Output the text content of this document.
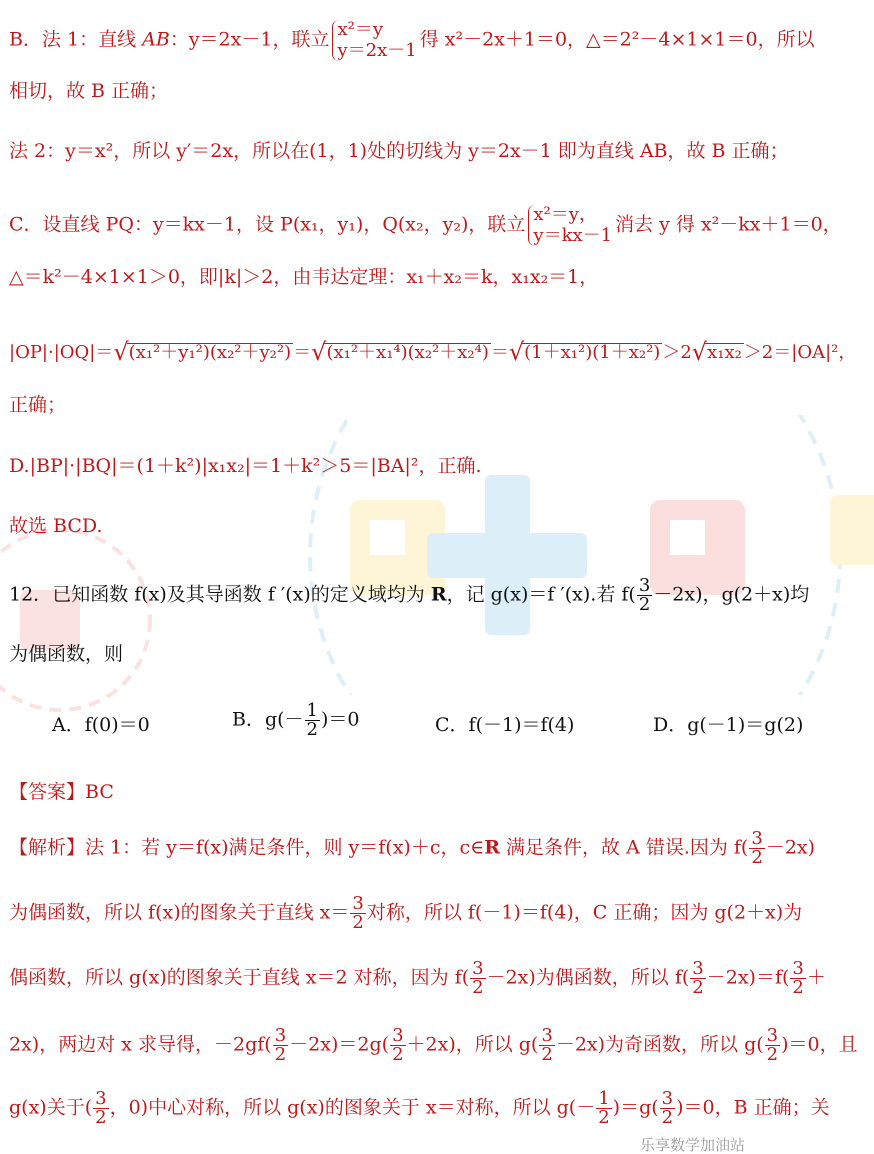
B．法 1：直线 AB：y＝2x－1，联立 x²＝y
y＝2x－1 得 x²－2x＋1＝0，△＝2²－4×1×1＝0，所以
相切，故 B 正确；
法 2：y＝x²，所以 y′＝2x，所以在(1，1)处的切线为 y＝2x－1 即为直线 AB，故 B 正确；
C．设直线 PQ：y＝kx－1，设 P(x₁，y₁)，Q(x₂，y₂)，联立 x²＝y，
y＝kx－1 消去 y 得 x²－kx＋1＝0，
△＝k²－4×1×1＞0，即|k|＞2，由韦达定理：x₁＋x₂＝k，x₁x₂＝1，
|OP|·|OQ|＝√(x₁²＋y₁²)(x₂²＋y₂²) ＝√(x₁²＋x₁⁴)(x₂²＋x₂⁴) ＝√(1＋x₁²)(1＋x₂²) ＞2√x₁x₂ ＞2＝|OA|²，
正确；
D.|BP|·|BQ|＝(1＋k²)|x₁x₂|＝1＋k²＞5＝|BA|²，正确.
故选 BCD.
12．已知函数 f(x)及其导函数 f ′(x)的定义域均为 R，记 g(x)＝f ′(x).若 $f( \frac{3}{2} -2x)$，g(2＋x)均
为偶函数，则
A．f(0)＝0	B．$g(- \frac{1}{2} )=0$	C．f(－1)＝f(4)	D．g(－1)＝g(2)
【答案】BC
【解析】法 1：若 y＝f(x)满足条件，则 y＝f(x)＋c，c∈R 满足条件，故 A 错误.因为 $f( \frac{3}{2} -2x)$
为偶函数，所以 f(x)的图象关于直线 $x= \frac{3}{2}$ 对称，所以 f(－1)＝f(4)，C 正确；因为 g(2＋x)为
偶函数，所以 g(x)的图象关于直线 x＝2 对称，因为 $f( \frac{3}{2} -2x)$为偶函数，所以 $f( \frac{3}{2} -2x)=f( \frac{3}{2}$ ＋
2x)，两边对 x 求导得，$-2gf( \frac{3}{2} -2x)=2g( \frac{3}{2} +2x)$，所以 $g( \frac{3}{2} -2x)$为奇函数，所以 $g( \frac{3}{2} )=0$，且
g(x)关于( $\frac{3}{2}$ ，0)中心对称，所以 g(x)的图象关于 x＝对称，所以 $g(- \frac{1}{2} )=g( \frac{3}{2} )=0$，B 正确；关
乐享数学加油站
